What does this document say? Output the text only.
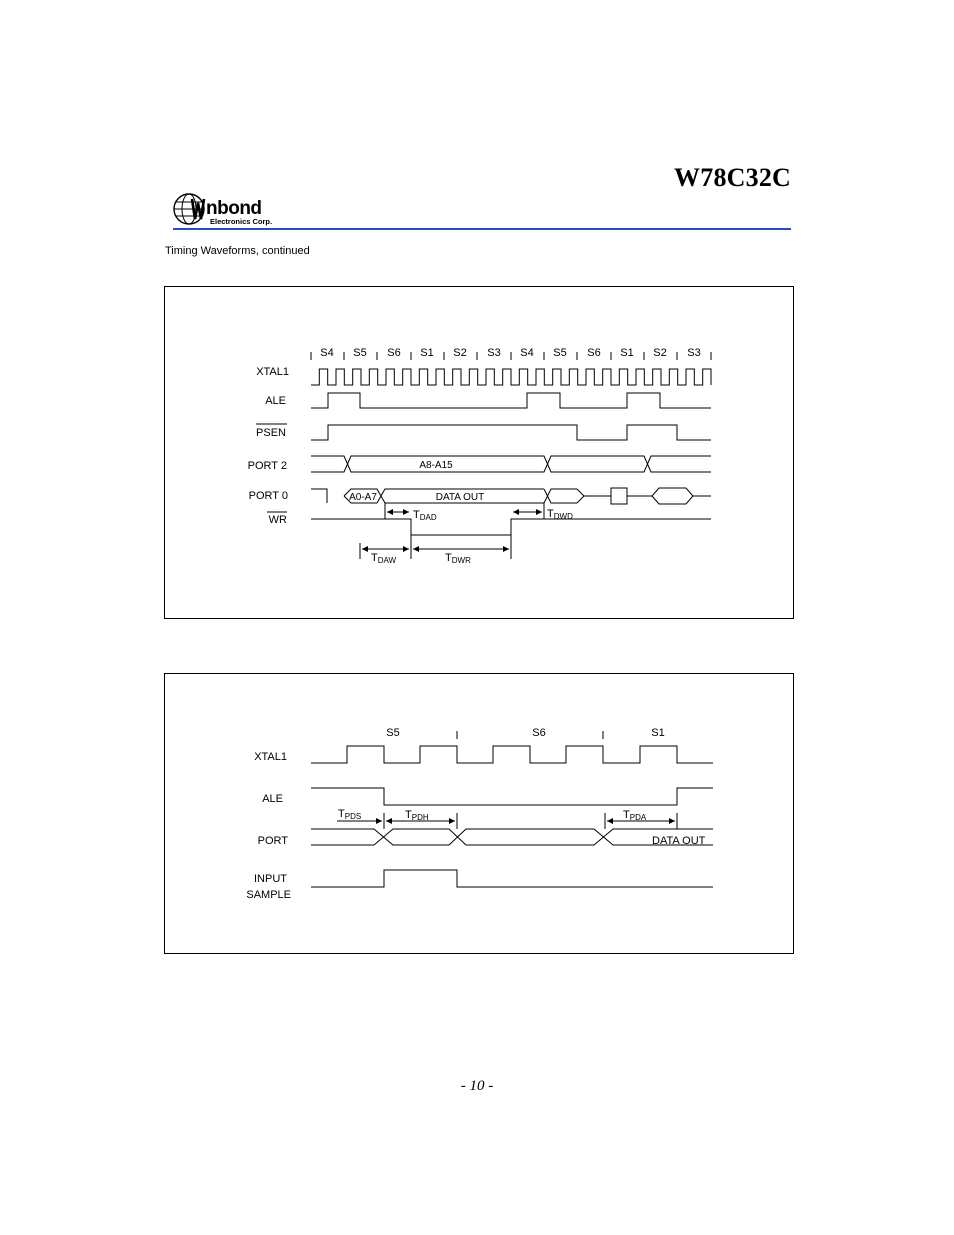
W78C32C
nbond
Electronics Corp.
Timing Waveforms, continued
S4 S5 S6 S1 S2 S3 S4 S5 S6 S1 S2 S3
XTAL1
ALE
PSEN
PORT 2
PORT 0
WR
A8-A15
A0-A7	DATA OUT
TDAD	TDWD
TDAW	TDWR
S5	S6	S1
XTAL1
ALE
PORT
INPUT
SAMPLE
DATA OUT
TPDS	TPDH	TPDA
- 10 -
